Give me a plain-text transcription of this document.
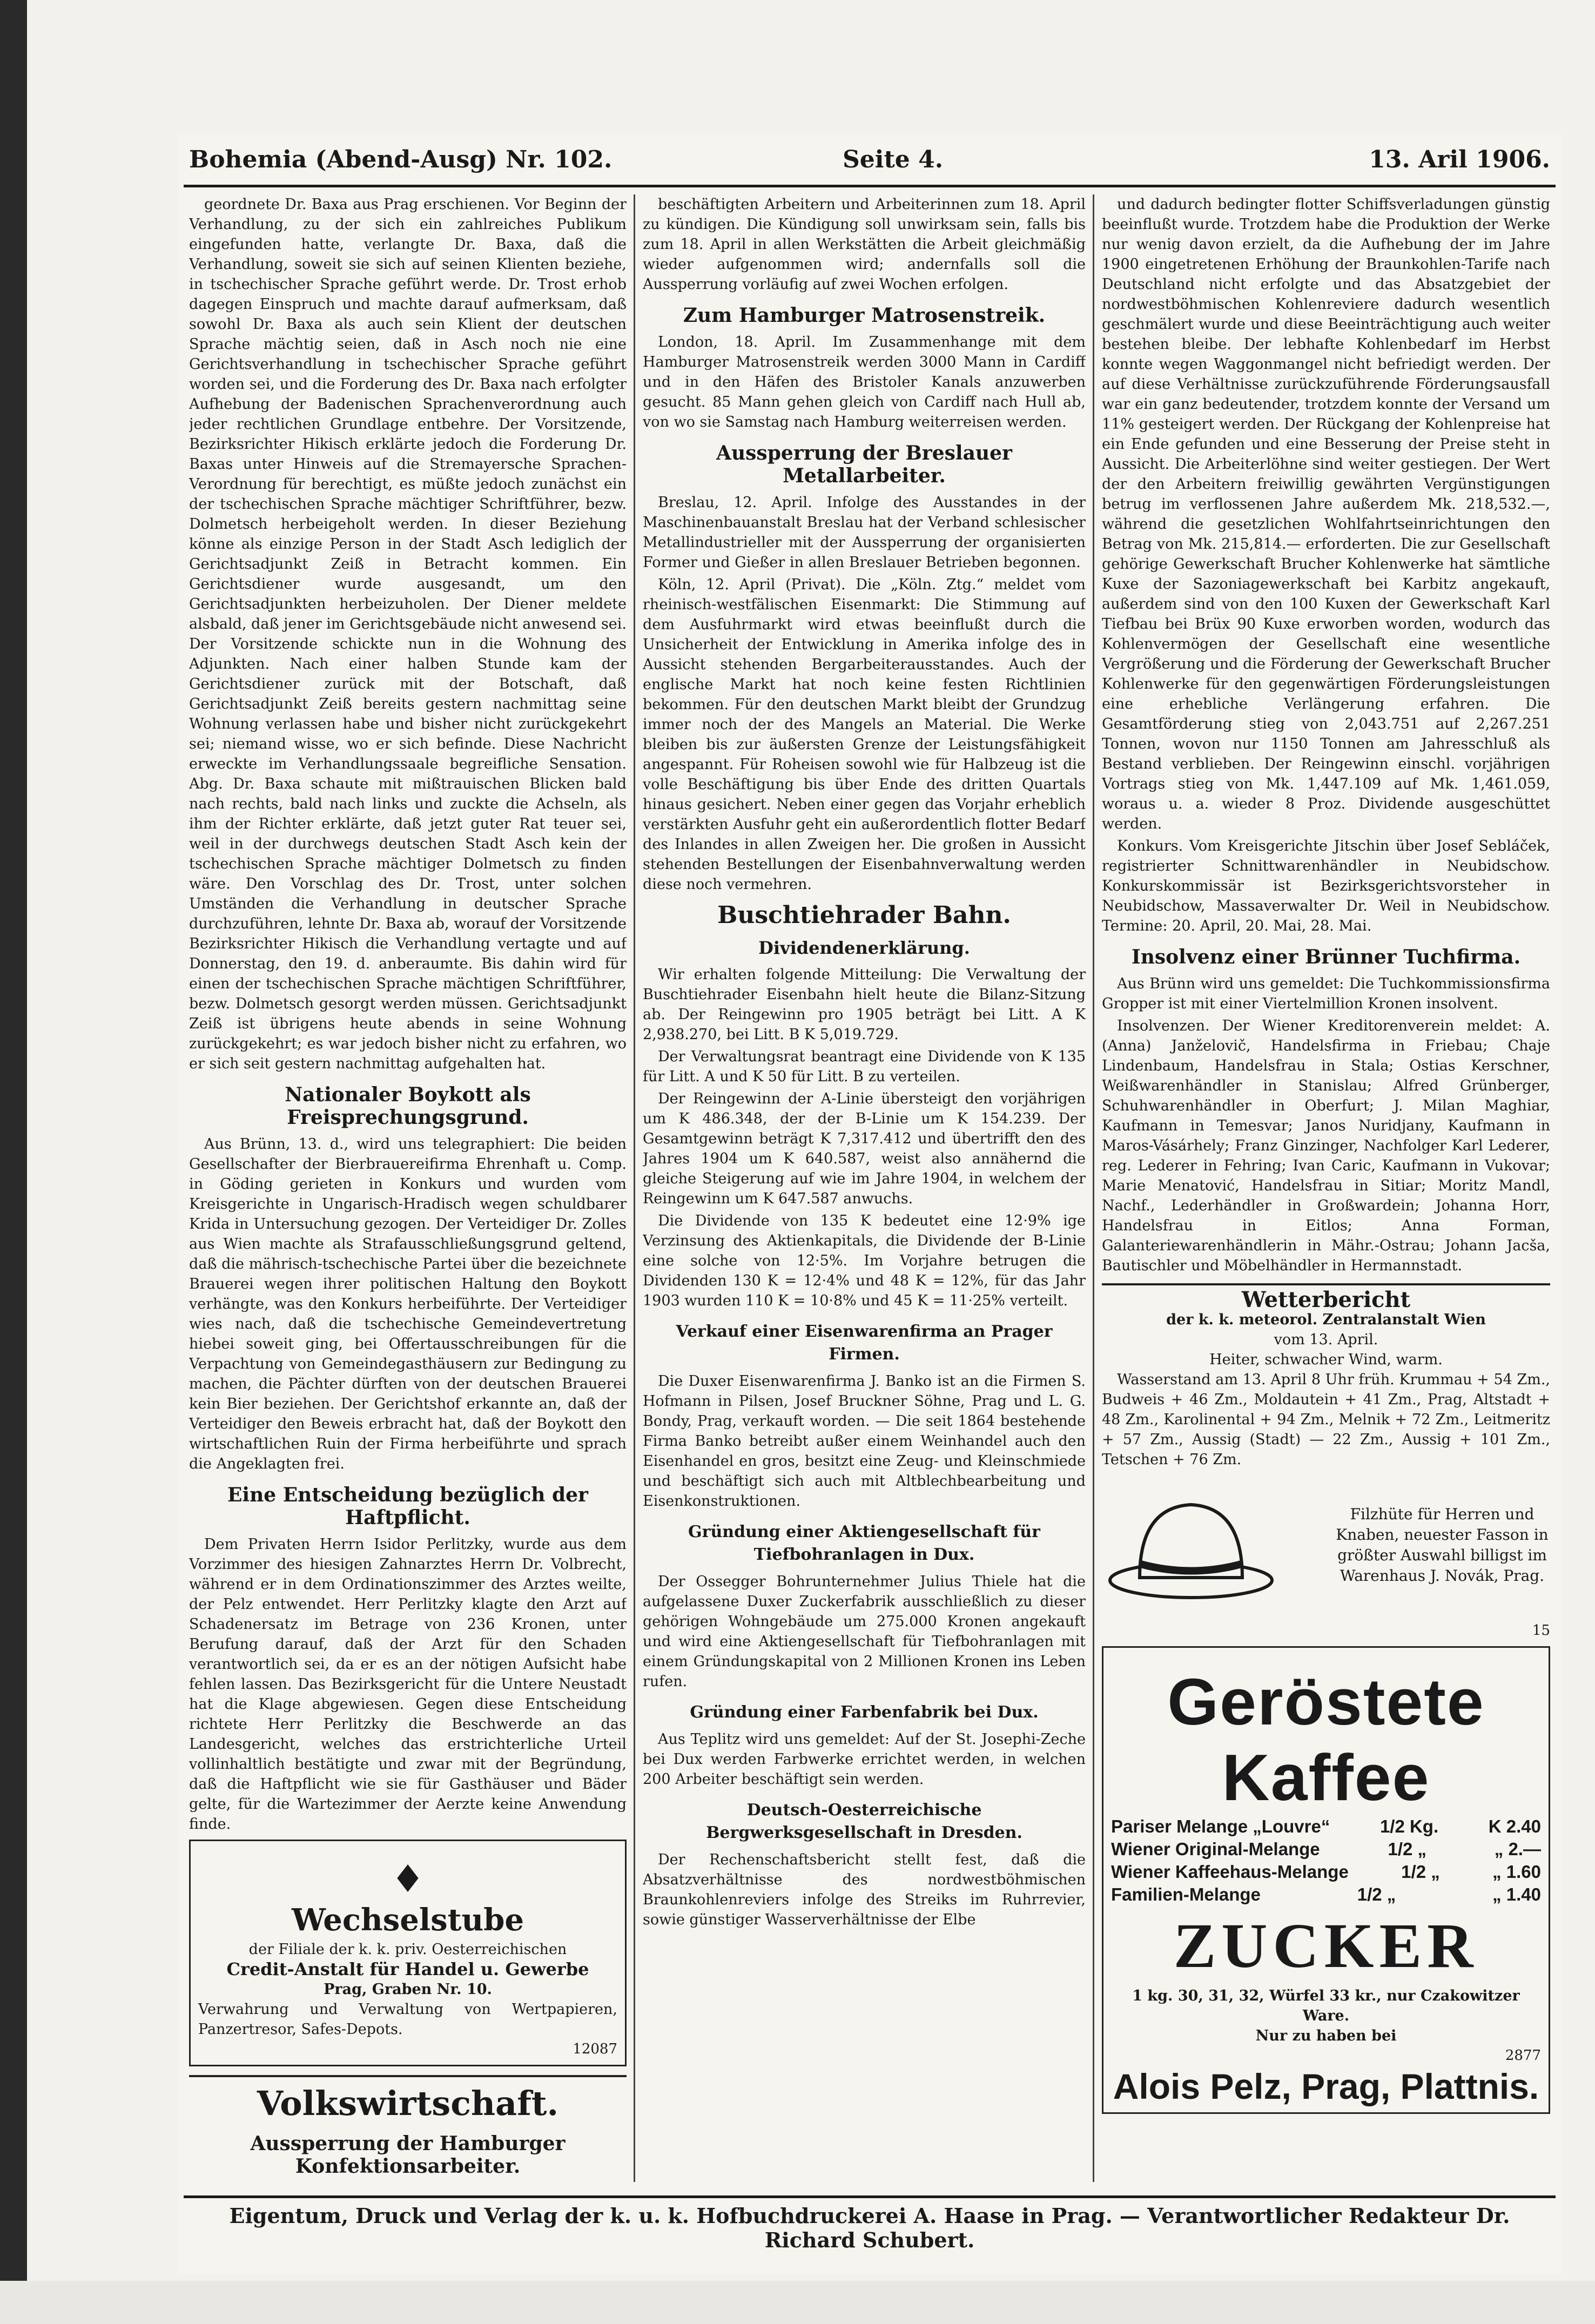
Bohemia (Abend-Ausg) Nr. 102.	Seite 4.	13. Aril 1906.

geordnete Dr. Baxa aus Prag erschienen. Vor Beginn der Verhandlung, zu der sich ein zahlreiches Publikum eingefunden hatte, verlangte Dr. Baxa, daß die Verhandlung, soweit sie sich auf seinen Klienten beziehe, in tschechischer Sprache geführt werde. Dr. Trost erhob dagegen Einspruch und machte darauf aufmerksam, daß sowohl Dr. Baxa als auch sein Klient der deutschen Sprache mächtig seien, daß in Asch noch nie eine Gerichtsverhandlung in tschechischer Sprache geführt worden sei, und die Forderung des Dr. Baxa nach erfolgter Aufhebung der Badenischen Sprachenverordnung auch jeder rechtlichen Grundlage entbehre. Der Vorsitzende, Bezirksrichter Hikisch erklärte jedoch die Forderung Dr. Baxas unter Hinweis auf die Stremayersche Sprachen-Verordnung für berechtigt, es müßte jedoch zunächst ein der tschechischen Sprache mächtiger Schriftführer, bezw. Dolmetsch herbeigeholt werden. In dieser Beziehung könne als einzige Person in der Stadt Asch lediglich der Gerichtsadjunkt Zeiß in Betracht kommen. Ein Gerichtsdiener wurde ausgesandt, um den Gerichtsadjunkten herbeizuholen. Der Diener meldete alsbald, daß jener im Gerichtsgebäude nicht anwesend sei. Der Vorsitzende schickte nun in die Wohnung des Adjunkten. Nach einer halben Stunde kam der Gerichtsdiener zurück mit der Botschaft, daß Gerichtsadjunkt Zeiß bereits gestern nachmittag seine Wohnung verlassen habe und bisher nicht zurückgekehrt sei; niemand wisse, wo er sich befinde. Diese Nachricht erweckte im Verhandlungssaale begreifliche Sensation. Abg. Dr. Baxa schaute mit mißtrauischen Blicken bald nach rechts, bald nach links und zuckte die Achseln, als ihm der Richter erklärte, daß jetzt guter Rat teuer sei, weil in der durchwegs deutschen Stadt Asch kein der tschechischen Sprache mächtiger Dolmetsch zu finden wäre. Den Vorschlag des Dr. Trost, unter solchen Umständen die Verhandlung in deutscher Sprache durchzuführen, lehnte Dr. Baxa ab, worauf der Vorsitzende Bezirksrichter Hikisch die Verhandlung vertagte und auf Donnerstag, den 19. d. anberaumte. Bis dahin wird für einen der tschechischen Sprache mächtigen Schriftführer, bezw. Dolmetsch gesorgt werden müssen. Gerichtsadjunkt Zeiß ist übrigens heute abends in seine Wohnung zurückgekehrt; es war jedoch bisher nicht zu erfahren, wo er sich seit gestern nachmittag aufgehalten hat.

Nationaler Boykott als Freisprechungsgrund.

Aus Brünn, 13. d., wird uns telegraphiert: Die beiden Gesellschafter der Bierbrauereifirma Ehrenhaft u. Comp. in Göding gerieten in Konkurs und wurden vom Kreisgerichte in Ungarisch-Hradisch wegen schuldbarer Krida in Untersuchung gezogen. Der Verteidiger Dr. Zolles aus Wien machte als Strafausschließungsgrund geltend, daß die mährisch-tschechische Partei über die bezeichnete Brauerei wegen ihrer politischen Haltung den Boykott verhängte, was den Konkurs herbeiführte. Der Verteidiger wies nach, daß die tschechische Gemeindevertretung hiebei soweit ging, bei Offertausschreibungen für die Verpachtung von Gemeindegasthäusern zur Bedingung zu machen, die Pächter dürften von der deutschen Brauerei kein Bier beziehen. Der Gerichtshof erkannte an, daß der Verteidiger den Beweis erbracht hat, daß der Boykott den wirtschaftlichen Ruin der Firma herbeiführte und sprach die Angeklagten frei.

Eine Entscheidung bezüglich der Haftpflicht.

Dem Privaten Herrn Isidor Perlitzky, wurde aus dem Vorzimmer des hiesigen Zahnarztes Herrn Dr. Volbrecht, während er in dem Ordinationszimmer des Arztes weilte, der Pelz entwendet. Herr Perlitzky klagte den Arzt auf Schadenersatz im Betrage von 236 Kronen, unter Berufung darauf, daß der Arzt für den Schaden verantwortlich sei, da er es an der nötigen Aufsicht habe fehlen lassen. Das Bezirksgericht für die Untere Neustadt hat die Klage abgewiesen. Gegen diese Entscheidung richtete Herr Perlitzky die Beschwerde an das Landesgericht, welches das erstrichterliche Urteil vollinhaltlich bestätigte und zwar mit der Begründung, daß die Haftpflicht wie sie für Gasthäuser und Bäder gelte, für die Wartezimmer der Aerzte keine Anwendung finde.

♦
Wechselstube
der Filiale der k. k. priv. Oesterreichischen
Credit-Anstalt für Handel u. Gewerbe
Prag, Graben Nr. 10.
Verwahrung und Verwaltung von Wertpapieren, Panzertresor, Safes-Depots.
12087
Volkswirtschaft.
Aussperrung der Hamburger Konfektionsarbeiter.

beschäftigten Arbeitern und Arbeiterinnen zum 18. April zu kündigen. Die Kündigung soll unwirksam sein, falls bis zum 18. April in allen Werkstätten die Arbeit gleichmäßig wieder aufgenommen wird; andernfalls soll die Aussperrung vorläufig auf zwei Wochen erfolgen.

Zum Hamburger Matrosenstreik.

London, 18. April. Im Zusammenhange mit dem Hamburger Matrosenstreik werden 3000 Mann in Cardiff und in den Häfen des Bristoler Kanals anzuwerben gesucht. 85 Mann gehen gleich von Cardiff nach Hull ab, von wo sie Samstag nach Hamburg weiterreisen werden.

Aussperrung der Breslauer Metallarbeiter.

Breslau, 12. April. Infolge des Ausstandes in der Maschinenbauanstalt Breslau hat der Verband schlesischer Metallindustrieller mit der Aussperrung der organisierten Former und Gießer in allen Breslauer Betrieben begonnen.

Köln, 12. April (Privat). Die „Köln. Ztg.“ meldet vom rheinisch-westfälischen Eisenmarkt: Die Stimmung auf dem Ausfuhrmarkt wird etwas beeinflußt durch die Unsicherheit der Entwicklung in Amerika infolge des in Aussicht stehenden Bergarbeiterausstandes. Auch der englische Markt hat noch keine festen Richtlinien bekommen. Für den deutschen Markt bleibt der Grundzug immer noch der des Mangels an Material. Die Werke bleiben bis zur äußersten Grenze der Leistungsfähigkeit angespannt. Für Roheisen sowohl wie für Halbzeug ist die volle Beschäftigung bis über Ende des dritten Quartals hinaus gesichert. Neben einer gegen das Vorjahr erheblich verstärkten Ausfuhr geht ein außerordentlich flotter Bedarf des Inlandes in allen Zweigen her. Die großen in Aussicht stehenden Bestellungen der Eisenbahnverwaltung werden diese noch vermehren.

Buschtiehrader Bahn.
Dividendenerklärung.

Wir erhalten folgende Mitteilung: Die Verwaltung der Buschtiehrader Eisenbahn hielt heute die Bilanz-Sitzung ab. Der Reingewinn pro 1905 beträgt bei Litt. A K 2,938.270, bei Litt. B K 5,019.729.

Der Verwaltungsrat beantragt eine Dividende von K 135 für Litt. A und K 50 für Litt. B zu verteilen.

Der Reingewinn der A-Linie übersteigt den vorjährigen um K 486.348, der der B-Linie um K 154.239. Der Gesamtgewinn beträgt K 7,317.412 und übertrifft den des Jahres 1904 um K 640.587, weist also annähernd die gleiche Steigerung auf wie im Jahre 1904, in welchem der Reingewinn um K 647.587 anwuchs.

Die Dividende von 135 K bedeutet eine 12·9% ige Verzinsung des Aktienkapitals, die Dividende der B-Linie eine solche von 12·5%. Im Vorjahre betrugen die Dividenden 130 K = 12·4% und 48 K = 12%, für das Jahr 1903 wurden 110 K = 10·8% und 45 K = 11·25% verteilt.

Verkauf einer Eisenwarenfirma an Prager Firmen.

Die Duxer Eisenwarenfirma J. Banko ist an die Firmen S. Hofmann in Pilsen, Josef Bruckner Söhne, Prag und L. G. Bondy, Prag, verkauft worden. — Die seit 1864 bestehende Firma Banko betreibt außer einem Weinhandel auch den Eisenhandel en gros, besitzt eine Zeug- und Kleinschmiede und beschäftigt sich auch mit Altblechbearbeitung und Eisenkonstruktionen.

Gründung einer Aktiengesellschaft für Tiefbohranlagen in Dux.

Der Ossegger Bohrunternehmer Julius Thiele hat die aufgelassene Duxer Zuckerfabrik ausschließlich zu dieser gehörigen Wohngebäude um 275.000 Kronen angekauft und wird eine Aktiengesellschaft für Tiefbohranlagen mit einem Gründungskapital von 2 Millionen Kronen ins Leben rufen.

Gründung einer Farbenfabrik bei Dux.

Aus Teplitz wird uns gemeldet: Auf der St. Josephi-Zeche bei Dux werden Farbwerke errichtet werden, in welchen 200 Arbeiter beschäftigt sein werden.

Deutsch-Oesterreichische Bergwerksgesellschaft in Dresden.

Der Rechenschaftsbericht stellt fest, daß die Absatzverhältnisse des nordwestböhmischen Braunkohlenreviers infolge des Streiks im Ruhrrevier, sowie günstiger Wasserverhältnisse der Elbe

und dadurch bedingter flotter Schiffsverladungen günstig beeinflußt wurde. Trotzdem habe die Produktion der Werke nur wenig davon erzielt, da die Aufhebung der im Jahre 1900 eingetretenen Erhöhung der Braunkohlen-Tarife nach Deutschland nicht erfolgte und das Absatzgebiet der nordwestböhmischen Kohlenreviere dadurch wesentlich geschmälert wurde und diese Beeinträchtigung auch weiter bestehen bleibe. Der lebhafte Kohlenbedarf im Herbst konnte wegen Waggonmangel nicht befriedigt werden. Der auf diese Verhältnisse zurückzuführende Förderungsausfall war ein ganz bedeutender, trotzdem konnte der Versand um 11% gesteigert werden. Der Rückgang der Kohlenpreise hat ein Ende gefunden und eine Besserung der Preise steht in Aussicht. Die Arbeiterlöhne sind weiter gestiegen. Der Wert der den Arbeitern freiwillig gewährten Vergünstigungen betrug im verflossenen Jahre außerdem Mk. 218,532.—, während die gesetzlichen Wohlfahrtseinrichtungen den Betrag von Mk. 215,814.— erforderten. Die zur Gesellschaft gehörige Gewerkschaft Brucher Kohlenwerke hat sämtliche Kuxe der Sazoniagewerkschaft bei Karbitz angekauft, außerdem sind von den 100 Kuxen der Gewerkschaft Karl Tiefbau bei Brüx 90 Kuxe erworben worden, wodurch das Kohlenvermögen der Gesellschaft eine wesentliche Vergrößerung und die Förderung der Gewerkschaft Brucher Kohlenwerke für den gegenwärtigen Förderungsleistungen eine erhebliche Verlängerung erfahren. Die Gesamtförderung stieg von 2,043.751 auf 2,267.251 Tonnen, wovon nur 1150 Tonnen am Jahresschluß als Bestand verblieben. Der Reingewinn einschl. vorjährigen Vortrags stieg von Mk. 1,447.109 auf Mk. 1,461.059, woraus u. a. wieder 8 Proz. Dividende ausgeschüttet werden.

Konkurs. Vom Kreisgerichte Jitschin über Josef Sebláček, registrierter Schnittwarenhändler in Neubidschow. Konkurskommissär ist Bezirksgerichtsvorsteher in Neubidschow, Massaverwalter Dr. Weil in Neubidschow. Termine: 20. April, 20. Mai, 28. Mai.

Insolvenz einer Brünner Tuchfirma.

Aus Brünn wird uns gemeldet: Die Tuchkommissionsfirma Gropper ist mit einer Viertelmillion Kronen insolvent.

Insolvenzen. Der Wiener Kreditorenverein meldet: A. (Anna) Janželovič, Handelsfirma in Friebau; Chaje Lindenbaum, Handelsfrau in Stala; Ostias Kerschner, Weißwarenhändler in Stanislau; Alfred Grünberger, Schuhwarenhändler in Oberfurt; J. Milan Maghiar, Kaufmann in Temesvar; Janos Nuridjany, Kaufmann in Maros-Vásárhely; Franz Ginzinger, Nachfolger Karl Lederer, reg. Lederer in Fehring; Ivan Caric, Kaufmann in Vukovar; Marie Menatović, Handelsfrau in Sitiar; Moritz Mandl, Nachf., Lederhändler in Großwardein; Johanna Horr, Handelsfrau in Eitlos; Anna Forman, Galanteriewarenhändlerin in Mähr.-Ostrau; Johann Jacša, Bautischler und Möbelhändler in Hermannstadt.

Wetterbericht
der k. k. meteorol. Zentralanstalt Wien
vom 13. April.
Heiter, schwacher Wind, warm.

Wasserstand am 13. April 8 Uhr früh. Krummau + 54 Zm., Budweis + 46 Zm., Moldautein + 41 Zm., Prag, Altstadt + 48 Zm., Karolinental + 94 Zm., Melnik + 72 Zm., Leitmeritz + 57 Zm., Aussig (Stadt) — 22 Zm., Aussig + 101 Zm., Tetschen + 76 Zm.

Filzhüte für Herren und Knaben, neuester Fasson in größter Auswahl billigst im Warenhaus J. Novák, Prag.
15
Geröstete Kaffee
Pariser Melange „Louvre“	1/2 Kg.	K 2.40
Wiener Original-Melange	1/2 „	„ 2.—
Wiener Kaffeehaus-Melange	1/2 „	„ 1.60
Familien-Melange	1/2 „	„ 1.40
ZUCKER
1 kg. 30, 31, 32, Würfel 33 kr., nur Czakowitzer Ware.
Nur zu haben bei
2877
Alois Pelz, Prag, Plattnis.
Eigentum, Druck und Verlag der k. u. k. Hofbuchdruckerei A. Haase in Prag. — Verantwortlicher Redakteur Dr. Richard Schubert.
